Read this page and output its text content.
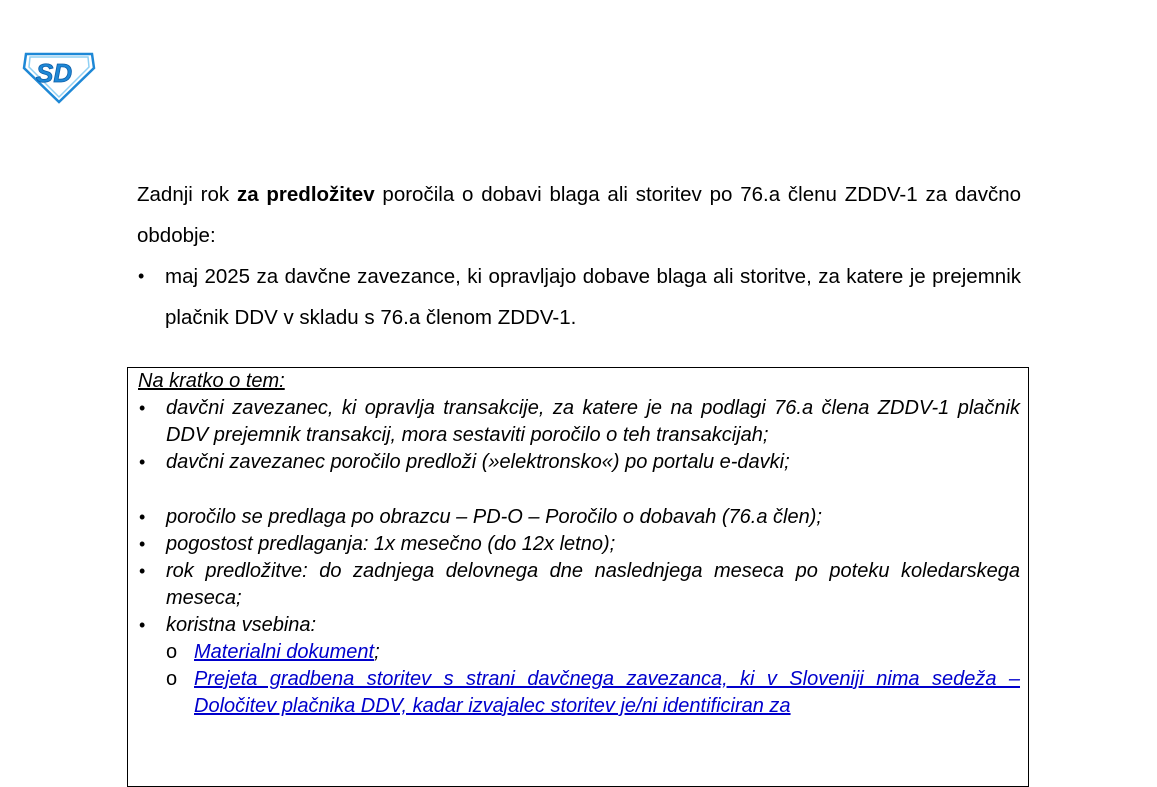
SD

Zadnji rok za predložitev poročila o dobavi blaga ali storitev po 76.a členu ZDDV-1 za davčno obdobje:

• maj 2025 za davčne zavezance, ki opravljajo dobave blaga ali storitve, za katere je prejemnik plačnik DDV v skladu s 76.a členom ZDDV-1.

Na kratko o tem:

• davčni zavezanec, ki opravlja transakcije, za katere je na podlagi 76.a člena ZDDV-1 plačnik DDV prejemnik transakcij, mora sestaviti poročilo o teh transakcijah;

• davčni zavezanec poročilo predloži (»elektronsko«) po portalu e-davki;

• poročilo se predlaga po obrazcu – PD-O – Poročilo o dobavah (76.a člen);

• pogostost predlaganja: 1x mesečno (do 12x letno);

• rok predložitve: do zadnjega delovnega dne naslednjega meseca po poteku koledarskega meseca;

• koristna vsebina:

o Materialni dokument;

o Prejeta gradbena storitev s strani davčnega zavezanca, ki v Sloveniji nima sedeža – Določitev plačnika DDV, kadar izvajalec storitev je/ni identificiran za
